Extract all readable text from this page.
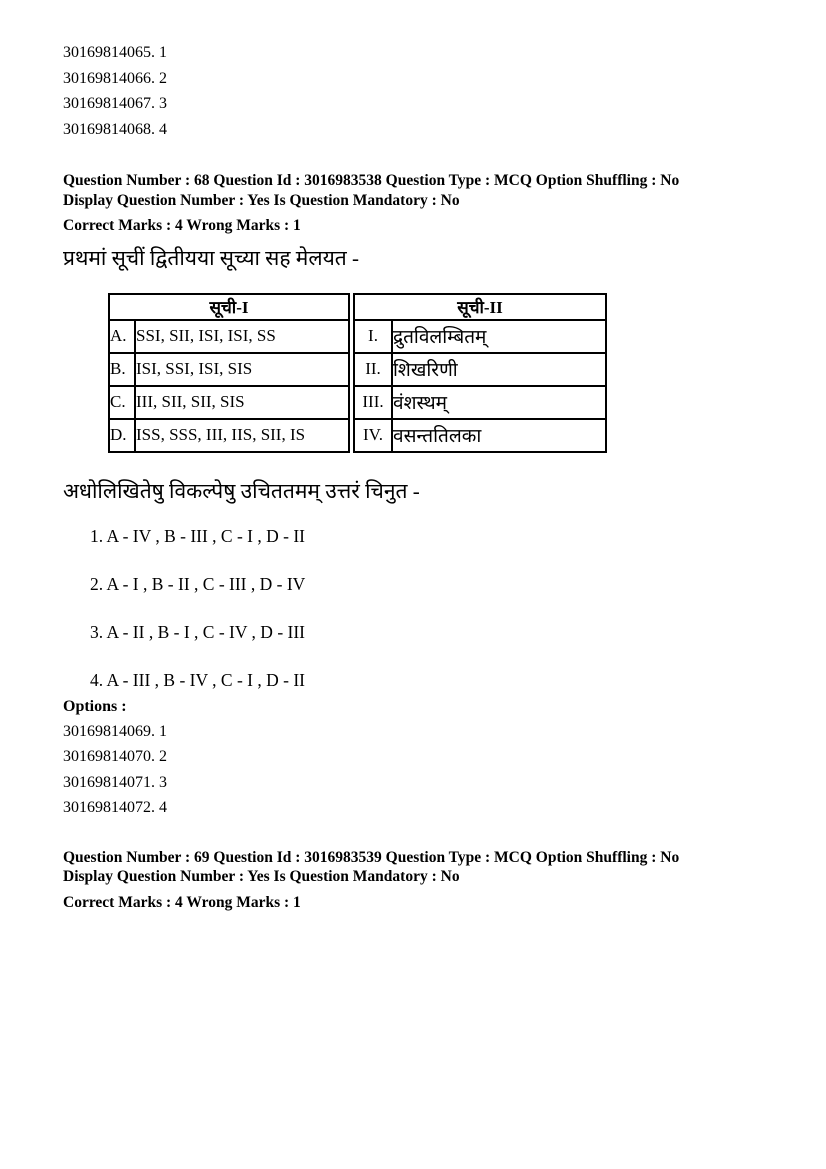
30169814065. 1
30169814066. 2
30169814067. 3
30169814068. 4
Question Number : 68 Question Id : 3016983538 Question Type : MCQ Option Shuffling : No
Display Question Number : Yes Is Question Mandatory : No
Correct Marks : 4 Wrong Marks : 1
प्रथमां सूचीं द्वितीयया सूच्या सह मेलयत -
सूची-I		सूची-II	
A.	SSI, SII, ISI, ISI, SS	I.	द्रुतविलम्बितम्
B.	ISI, SSI, ISI, SIS	II.	शिखरिणी
C.	III, SII, SII, SIS	III.	वंशस्थम्
D.	ISS, SSS, III, IIS, SII, IS	IV.	वसन्ततिलका
अधोलिखितेषु विकल्पेषु उचिततमम् उत्तरं चिनुत -
1. A - IV , B - III , C - I , D - II
2. A - I , B - II , C - III , D - IV
3. A - II , B - I , C - IV , D - III
4. A - III , B - IV , C - I , D - II
Options :
30169814069. 1
30169814070. 2
30169814071. 3
30169814072. 4
Question Number : 69 Question Id : 3016983539 Question Type : MCQ Option Shuffling : No
Display Question Number : Yes Is Question Mandatory : No
Correct Marks : 4 Wrong Marks : 1
